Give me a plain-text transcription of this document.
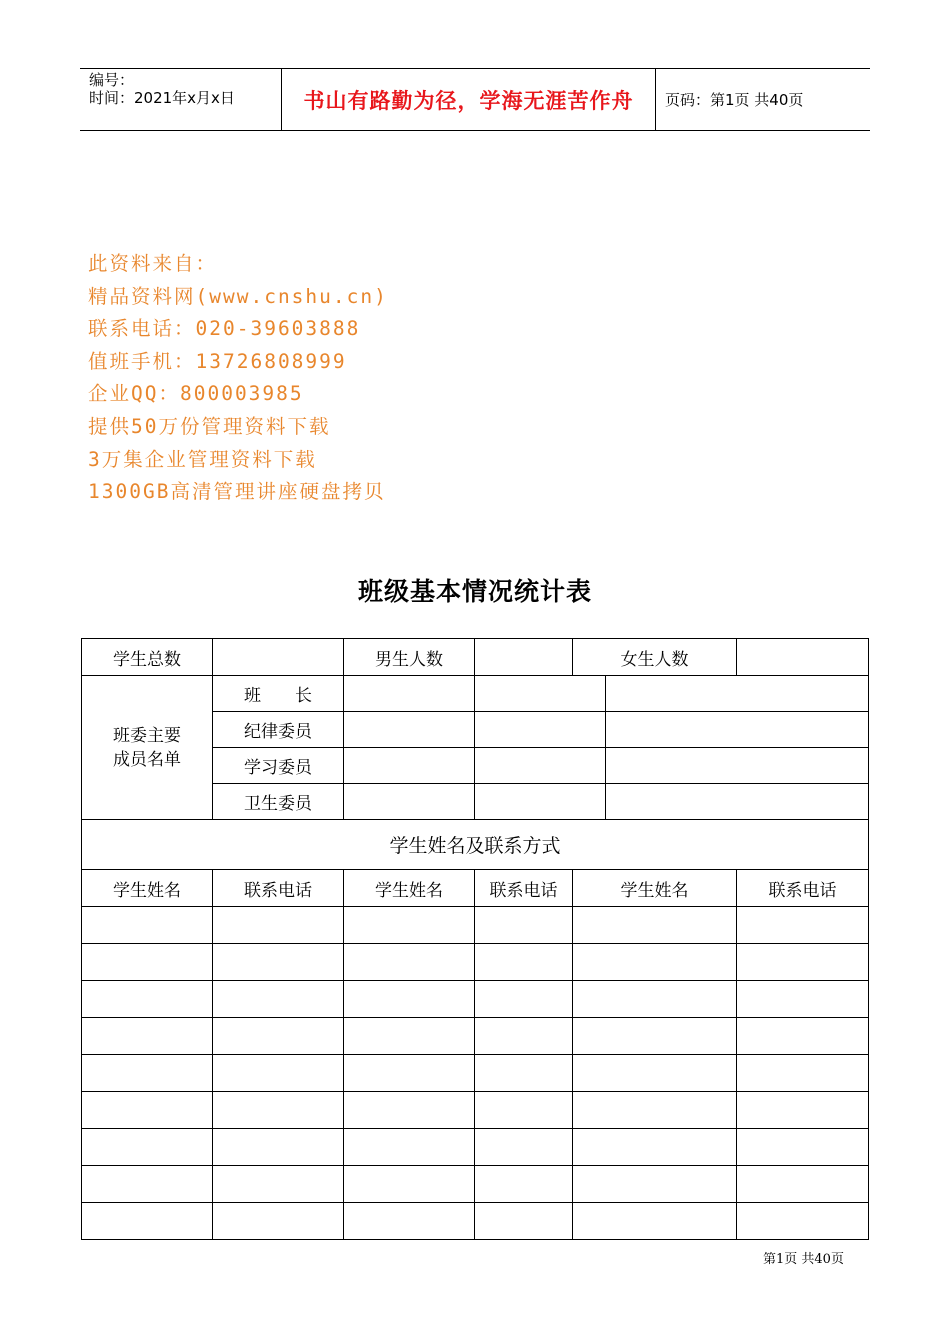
编号：
时间：2021年x月x日	书山有路勤为径，学海无涯苦作舟	页码：第1页 共40页
此资料来自：
精品资料网(www.cnshu.cn)
联系电话：020-39603888
值班手机：13726808999
企业QQ：800003985
提供50万份管理资料下载
3万集企业管理资料下载
1300GB高清管理讲座硬盘拷贝
班级基本情况统计表
学生总数		男生人数		女生人数		
班委主要成员名单	班　　长					
	纪律委员					
	学习委员					
	卫生委员					
学生姓名及联系方式						
学生姓名	联系电话	学生姓名	联系电话	学生姓名		联系电话

第1页 共40页
